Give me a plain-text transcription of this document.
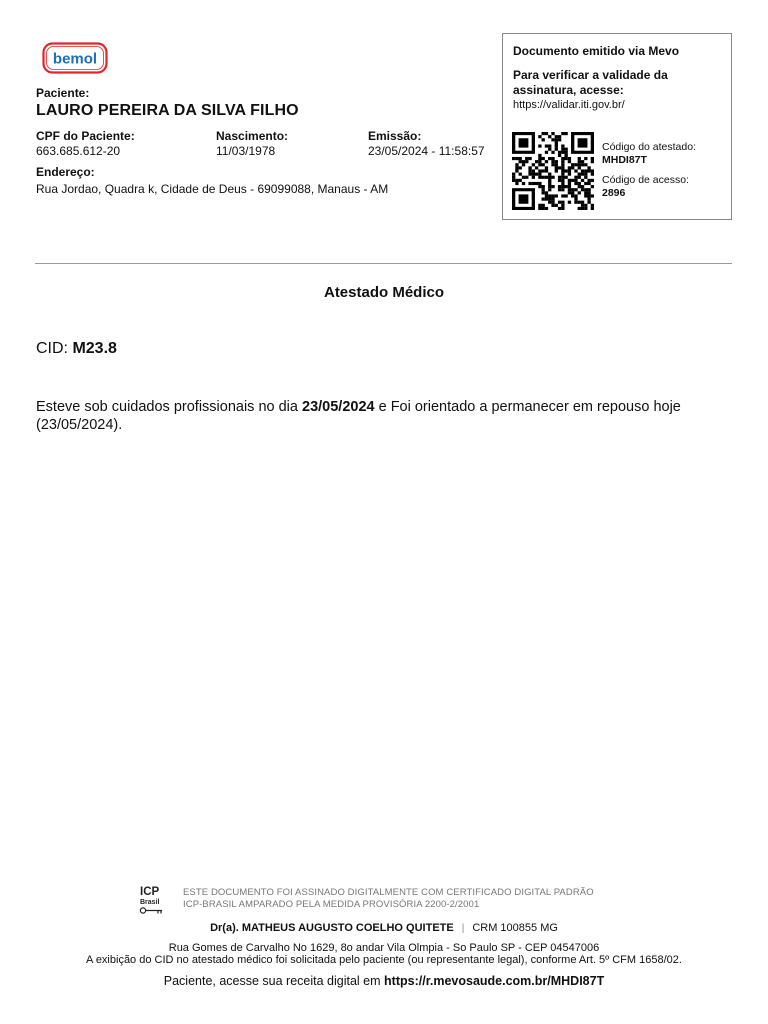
bemol
Paciente:
LAURO PEREIRA DA SILVA FILHO
CPF do Paciente:
663.685.612-20
Nascimento:
11/03/1978
Emissão:
23/05/2024 - 11:58:57
Endereço:
Rua Jordao, Quadra k, Cidade de Deus - 69099088, Manaus - AM
Documento emitido via Mevo
Para verificar a validade da assinatura, acesse:
https://validar.iti.gov.br/
Código do atestado:
MHDI87T
Código de acesso:
2896
Atestado Médico
CID: M23.8
Esteve sob cuidados profissionais no dia 23/05/2024 e Foi orientado a permanecer em repouso hoje (23/05/2024).
ICP
Brasil
ESTE DOCUMENTO FOI ASSINADO DIGITALMENTE COM CERTIFICADO DIGITAL PADRÃO
ICP-BRASIL AMPARADO PELA MEDIDA PROVISÓRIA 2200-2/2001
Dr(a). MATHEUS AUGUSTO COELHO QUITETE | CRM 100855 MG
Rua Gomes de Carvalho No 1629, 8o andar Vila Olmpia - So Paulo SP - CEP 04547006
A exibição do CID no atestado médico foi solicitada pelo paciente (ou representante legal), conforme Art. 5º CFM 1658/02.
Paciente, acesse sua receita digital em https://r.mevosaude.com.br/MHDI87T
